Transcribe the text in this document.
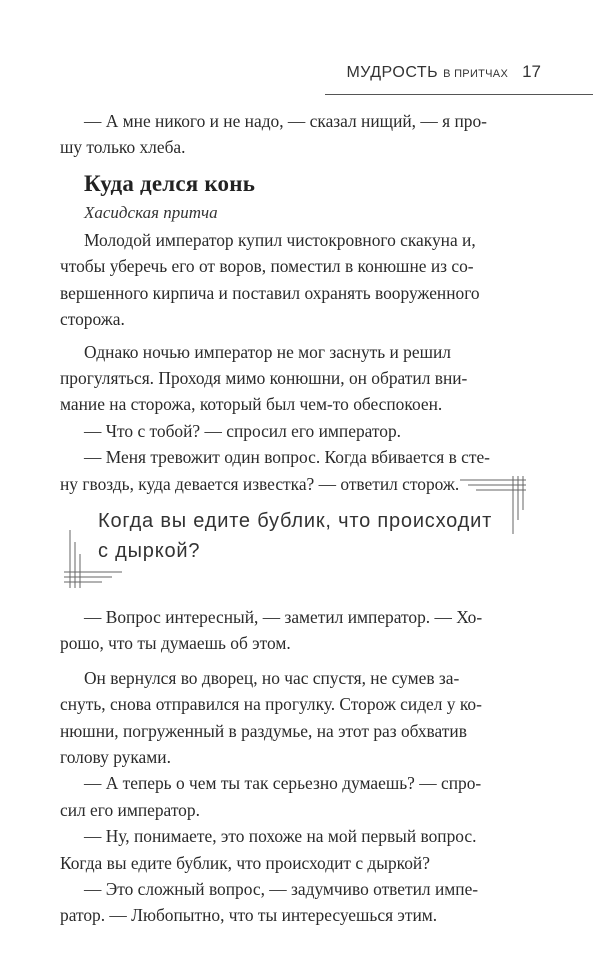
МУДРОСТЬ В ПРИТЧАХ 17

— А мне никого и не надо, — сказал нищий, — я про-
шу только хлеба.

Куда делся конь
Хасидская притча

Молодой император купил чистокровного скакуна и,
чтобы уберечь его от воров, поместил в конюшне из со-
вершенного кирпича и поставил охранять вооруженного
сторожа.

Однако ночью император не мог заснуть и решил
прогуляться. Проходя мимо конюшни, он обратил вни-
мание на сторожа, который был чем-то обеспокоен.
— Что с тобой? — спросил его император.
— Меня тревожит один вопрос. Когда вбивается в сте-
ну гвоздь, куда девается известка? — ответил сторож.

Когда вы едите бублик, что происходит
с дыркой?

— Вопрос интересный, — заметил император. — Хо-
рошо, что ты думаешь об этом.

Он вернулся во дворец, но час спустя, не сумев за-
снуть, снова отправился на прогулку. Сторож сидел у ко-
нюшни, погруженный в раздумье, на этот раз обхватив
голову руками.
— А теперь о чем ты так серьезно думаешь? — спро-
сил его император.
— Ну, понимаете, это похоже на мой первый вопрос.
Когда вы едите бублик, что происходит с дыркой?
— Это сложный вопрос, — задумчиво ответил импе-
ратор. — Любопытно, что ты интересуешься этим.
